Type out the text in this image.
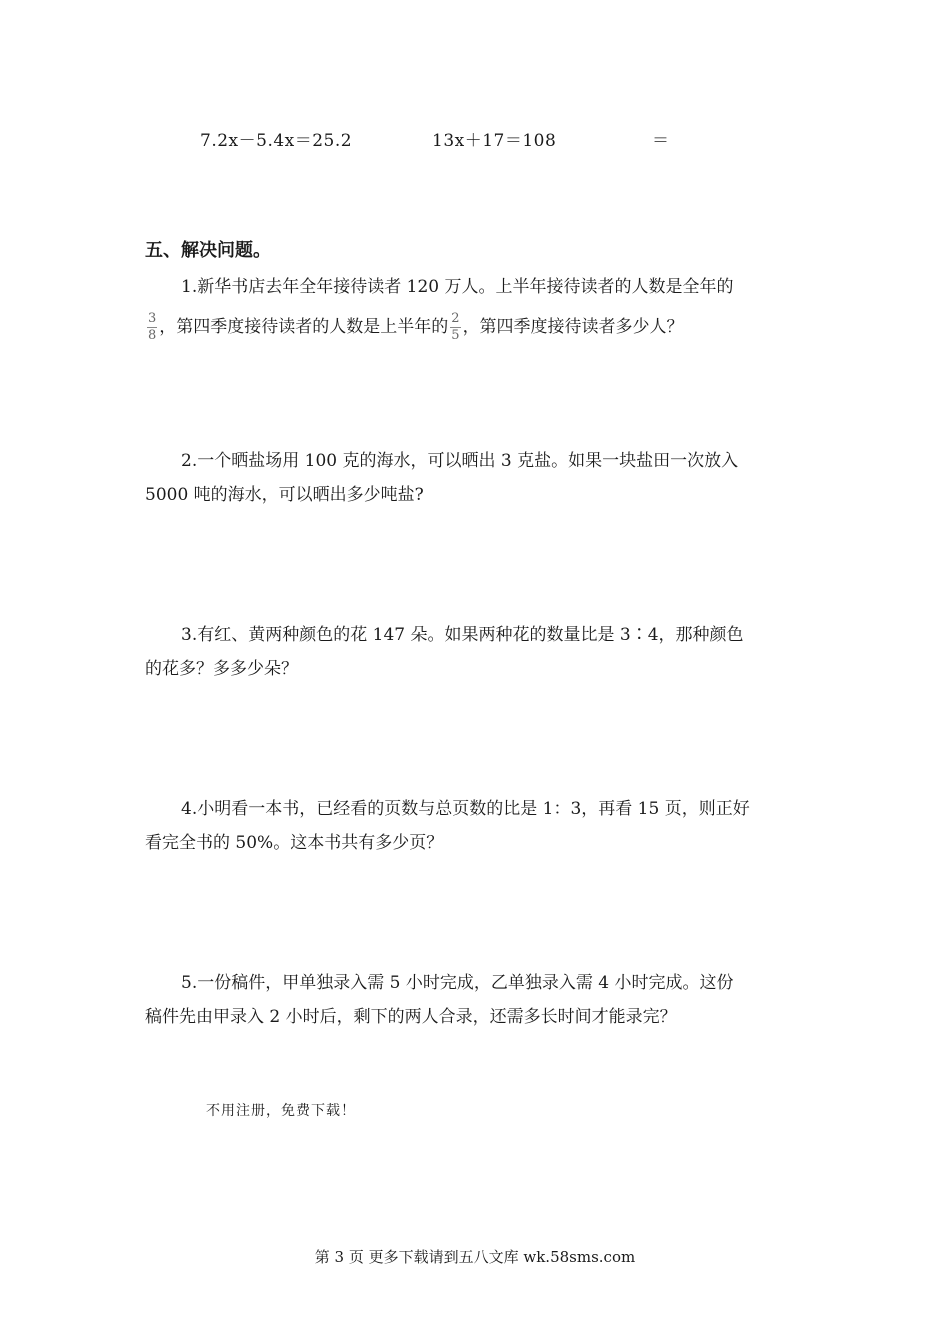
7.2x－5.4x＝25.2	13x＋17＝108	＝
五、解决问题。
1.新华书店去年全年接待读者 120 万人。上半年接待读者的人数是全年的
$\frac{3}{8}$ ，第四季度接待读者的人数是上半年的 $\frac{2}{5}$ ，第四季度接待读者多少人？
2.一个晒盐场用 100 克的海水，可以晒出 3 克盐。如果一块盐田一次放入
5000 吨的海水，可以晒出多少吨盐?
3.有红、黄两种颜色的花 147 朵。如果两种花的数量比是 3∶4，那种颜色
的花多？多多少朵？
4.小明看一本书，已经看的页数与总页数的比是 1：3，再看 15 页，则正好
看完全书的 50%。这本书共有多少页？
5.一份稿件，甲单独录入需 5 小时完成，乙单独录入需 4 小时完成。这份
稿件先由甲录入 2 小时后，剩下的两人合录，还需多长时间才能录完？
不用注册，免费下载！
第 3 页 更多下载请到五八文库 wk.58sms.com
